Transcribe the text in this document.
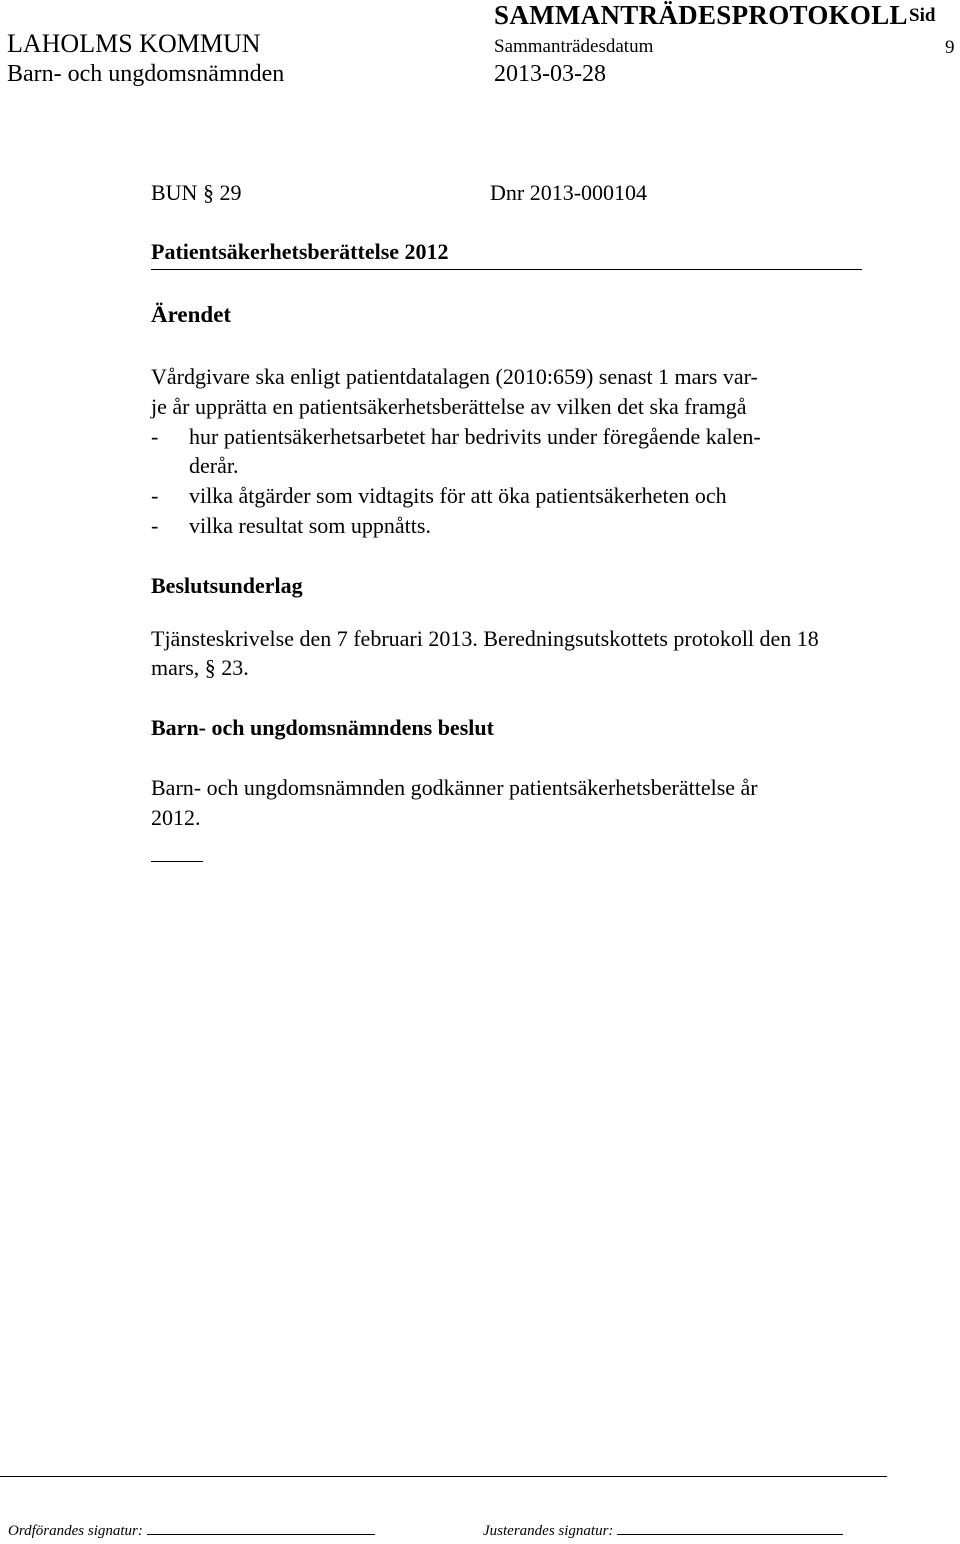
LAHOLMS KOMMUN
Barn- och ungdomsnämnden
SAMMANTRÄDESPROTOKOLL
Sammanträdesdatum
2013-03-28
Sid
9
BUN § 29	Dnr 2013-000104
Patientsäkerhetsberättelse 2012
Ärendet
Vårdgivare ska enligt patientdatalagen (2010:659) senast 1 mars var-
je år upprätta en patientsäkerhetsberättelse av vilken det ska framgå
- hur patientsäkerhetsarbetet har bedrivits under föregående kalen-
derår.
- vilka åtgärder som vidtagits för att öka patientsäkerheten och
- vilka resultat som uppnåtts.
Beslutsunderlag
Tjänsteskrivelse den 7 februari 2013. Beredningsutskottets protokoll den 18
mars, § 23.
Barn- och ungdomsnämndens beslut
Barn- och ungdomsnämnden godkänner patientsäkerhetsberättelse år
2012.
Ordförandes signatur:	Justerandes signatur:
